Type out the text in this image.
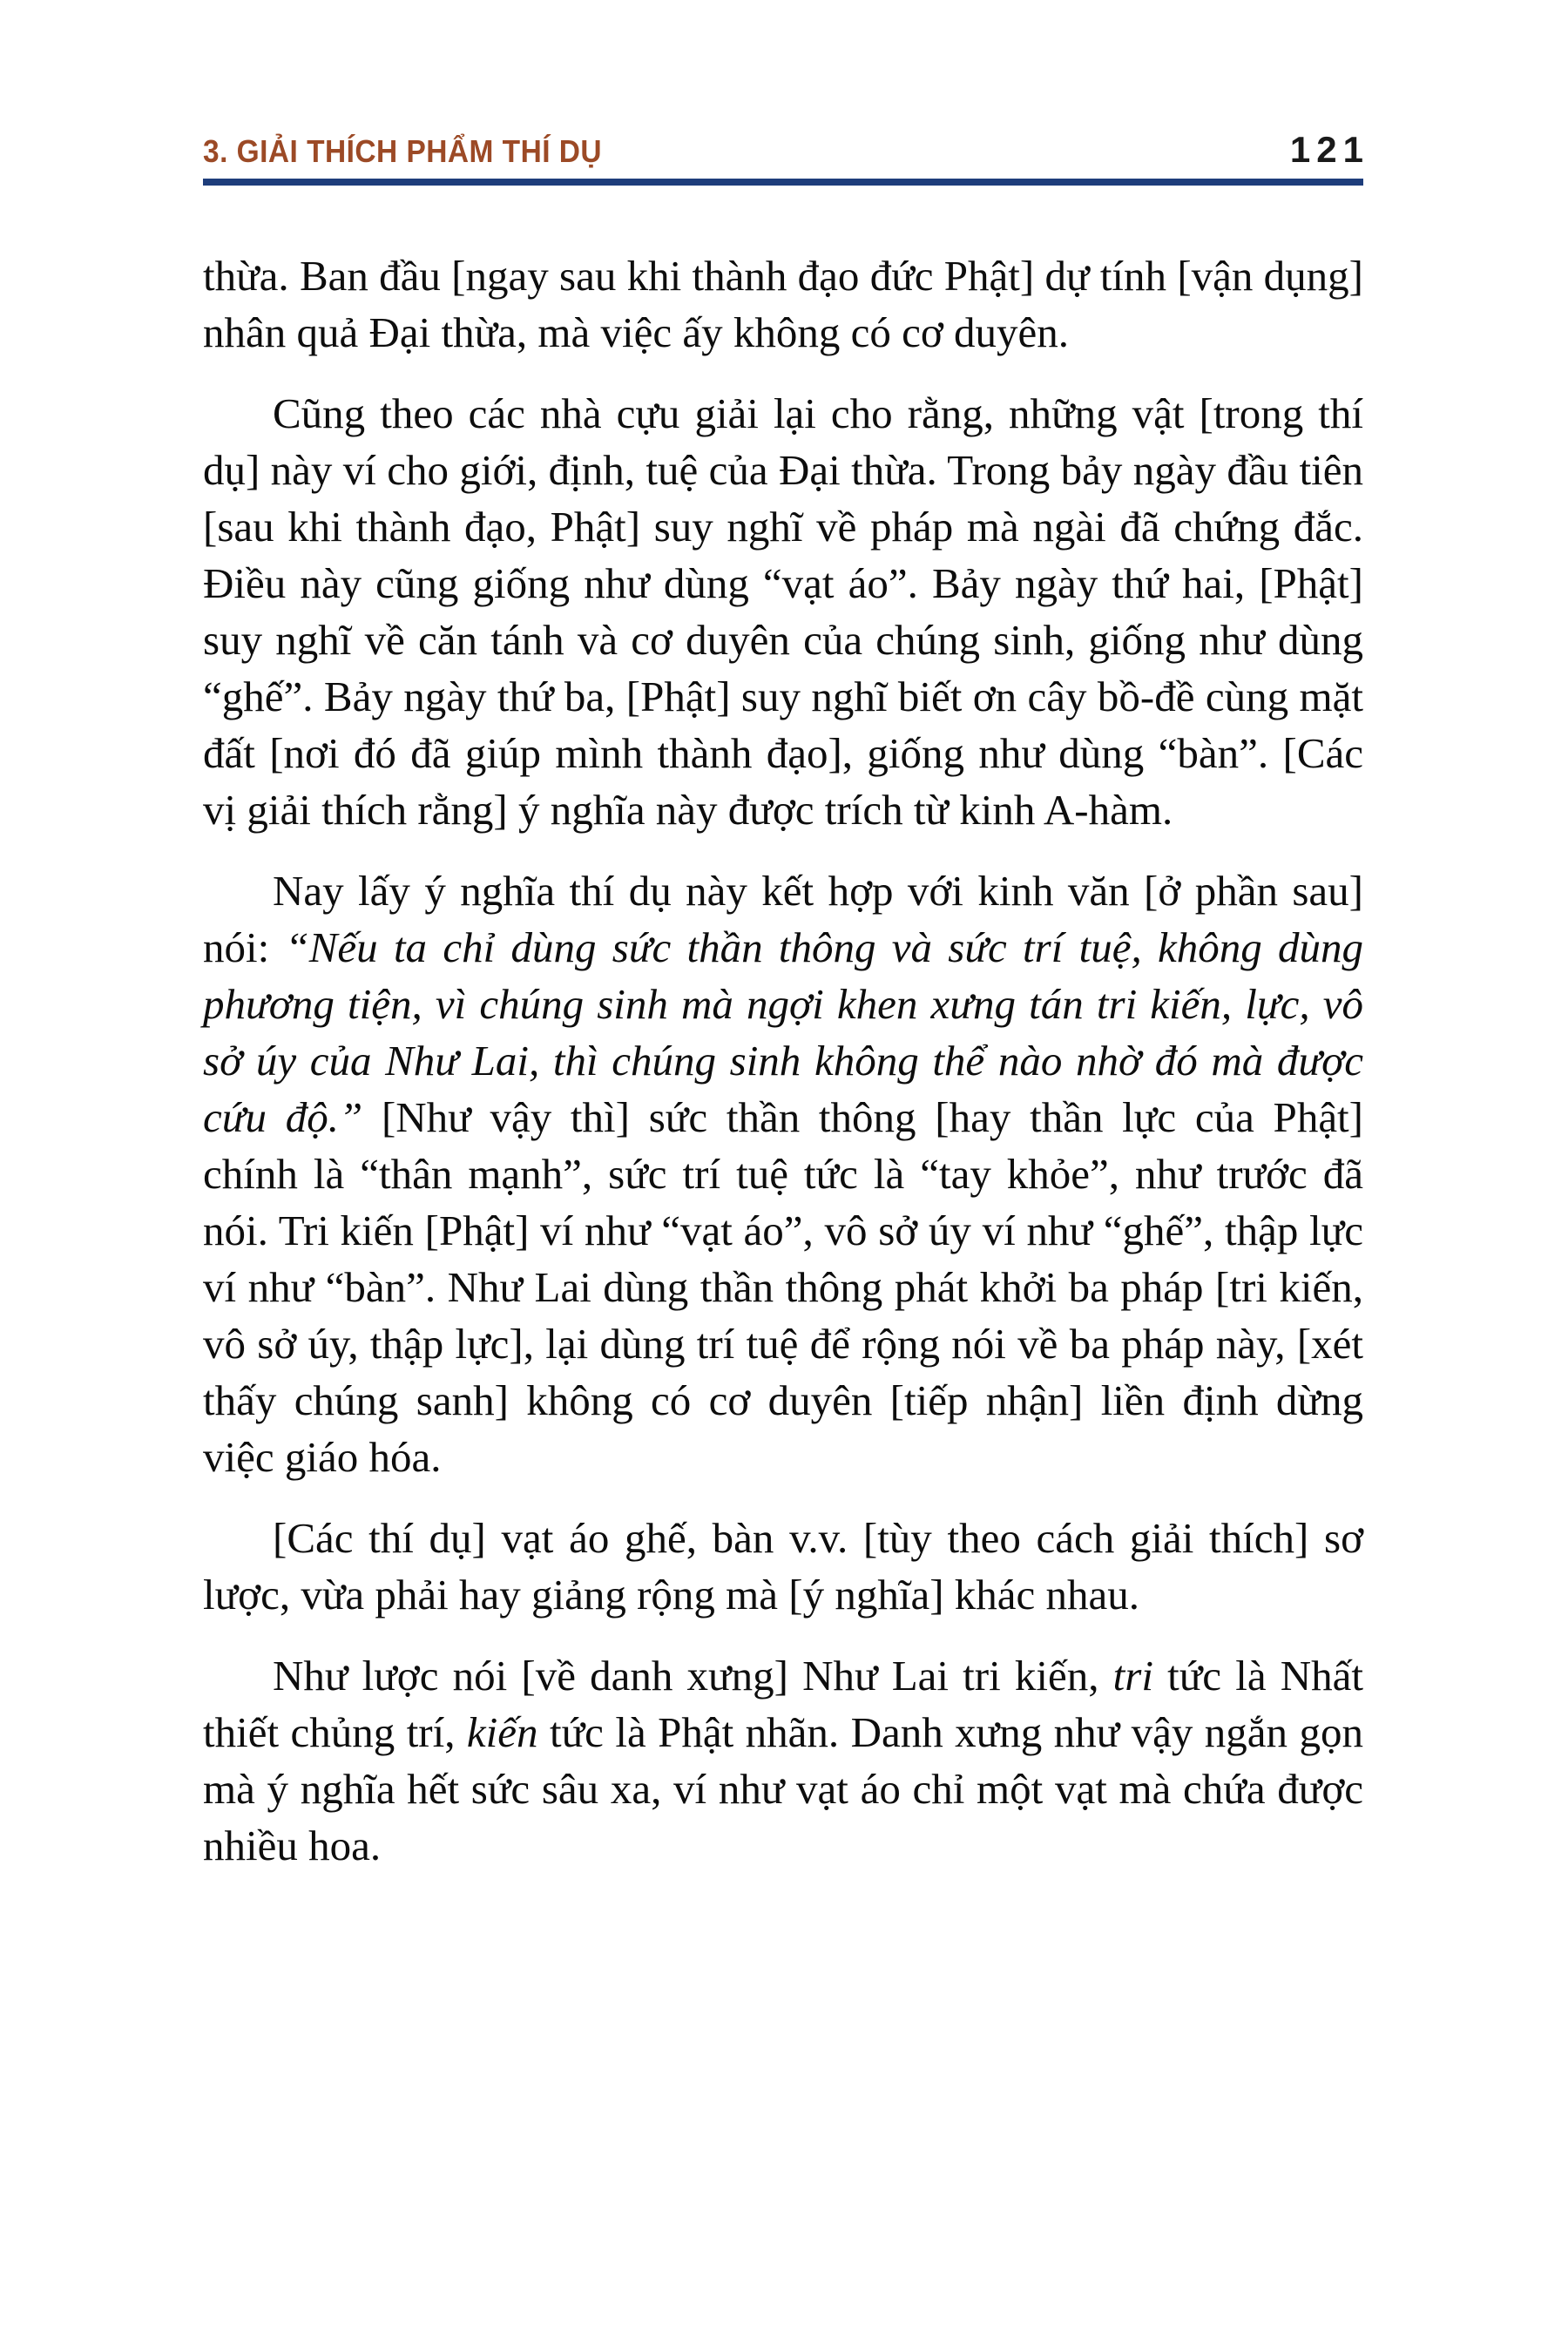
3. GIẢI THÍCH PHẨM THÍ DỤ	121

thừa. Ban đầu [ngay sau khi thành đạo đức Phật] dự tính [vận dụng] nhân quả Đại thừa, mà việc ấy không có cơ duyên.

Cũng theo các nhà cựu giải lại cho rằng, những vật [trong thí dụ] này ví cho giới, định, tuệ của Đại thừa. Trong bảy ngày đầu tiên [sau khi thành đạo, Phật] suy nghĩ về pháp mà ngài đã chứng đắc. Điều này cũng giống như dùng “vạt áo”. Bảy ngày thứ hai, [Phật] suy nghĩ về căn tánh và cơ duyên của chúng sinh, giống như dùng “ghế”. Bảy ngày thứ ba, [Phật] suy nghĩ biết ơn cây bồ-đề cùng mặt đất [nơi đó đã giúp mình thành đạo], giống như dùng “bàn”. [Các vị giải thích rằng] ý nghĩa này được trích từ kinh A-hàm.

Nay lấy ý nghĩa thí dụ này kết hợp với kinh văn [ở phần sau] nói: “Nếu ta chỉ dùng sức thần thông và sức trí tuệ, không dùng phương tiện, vì chúng sinh mà ngợi khen xưng tán tri kiến, lực, vô sở úy của Như Lai, thì chúng sinh không thể nào nhờ đó mà được cứu độ.” [Như vậy thì] sức thần thông [hay thần lực của Phật] chính là “thân mạnh”, sức trí tuệ tức là “tay khỏe”, như trước đã nói. Tri kiến [Phật] ví như “vạt áo”, vô sở úy ví như “ghế”, thập lực ví như “bàn”. Như Lai dùng thần thông phát khởi ba pháp [tri kiến, vô sở úy, thập lực], lại dùng trí tuệ để rộng nói về ba pháp này, [xét thấy chúng sanh] không có cơ duyên [tiếp nhận] liền định dừng việc giáo hóa.

[Các thí dụ] vạt áo ghế, bàn v.v. [tùy theo cách giải thích] sơ lược, vừa phải hay giảng rộng mà [ý nghĩa] khác nhau.

Như lược nói [về danh xưng] Như Lai tri kiến, tri tức là Nhất thiết chủng trí, kiến tức là Phật nhãn. Danh xưng như vậy ngắn gọn mà ý nghĩa hết sức sâu xa, ví như vạt áo chỉ một vạt mà chứa được nhiều hoa.
